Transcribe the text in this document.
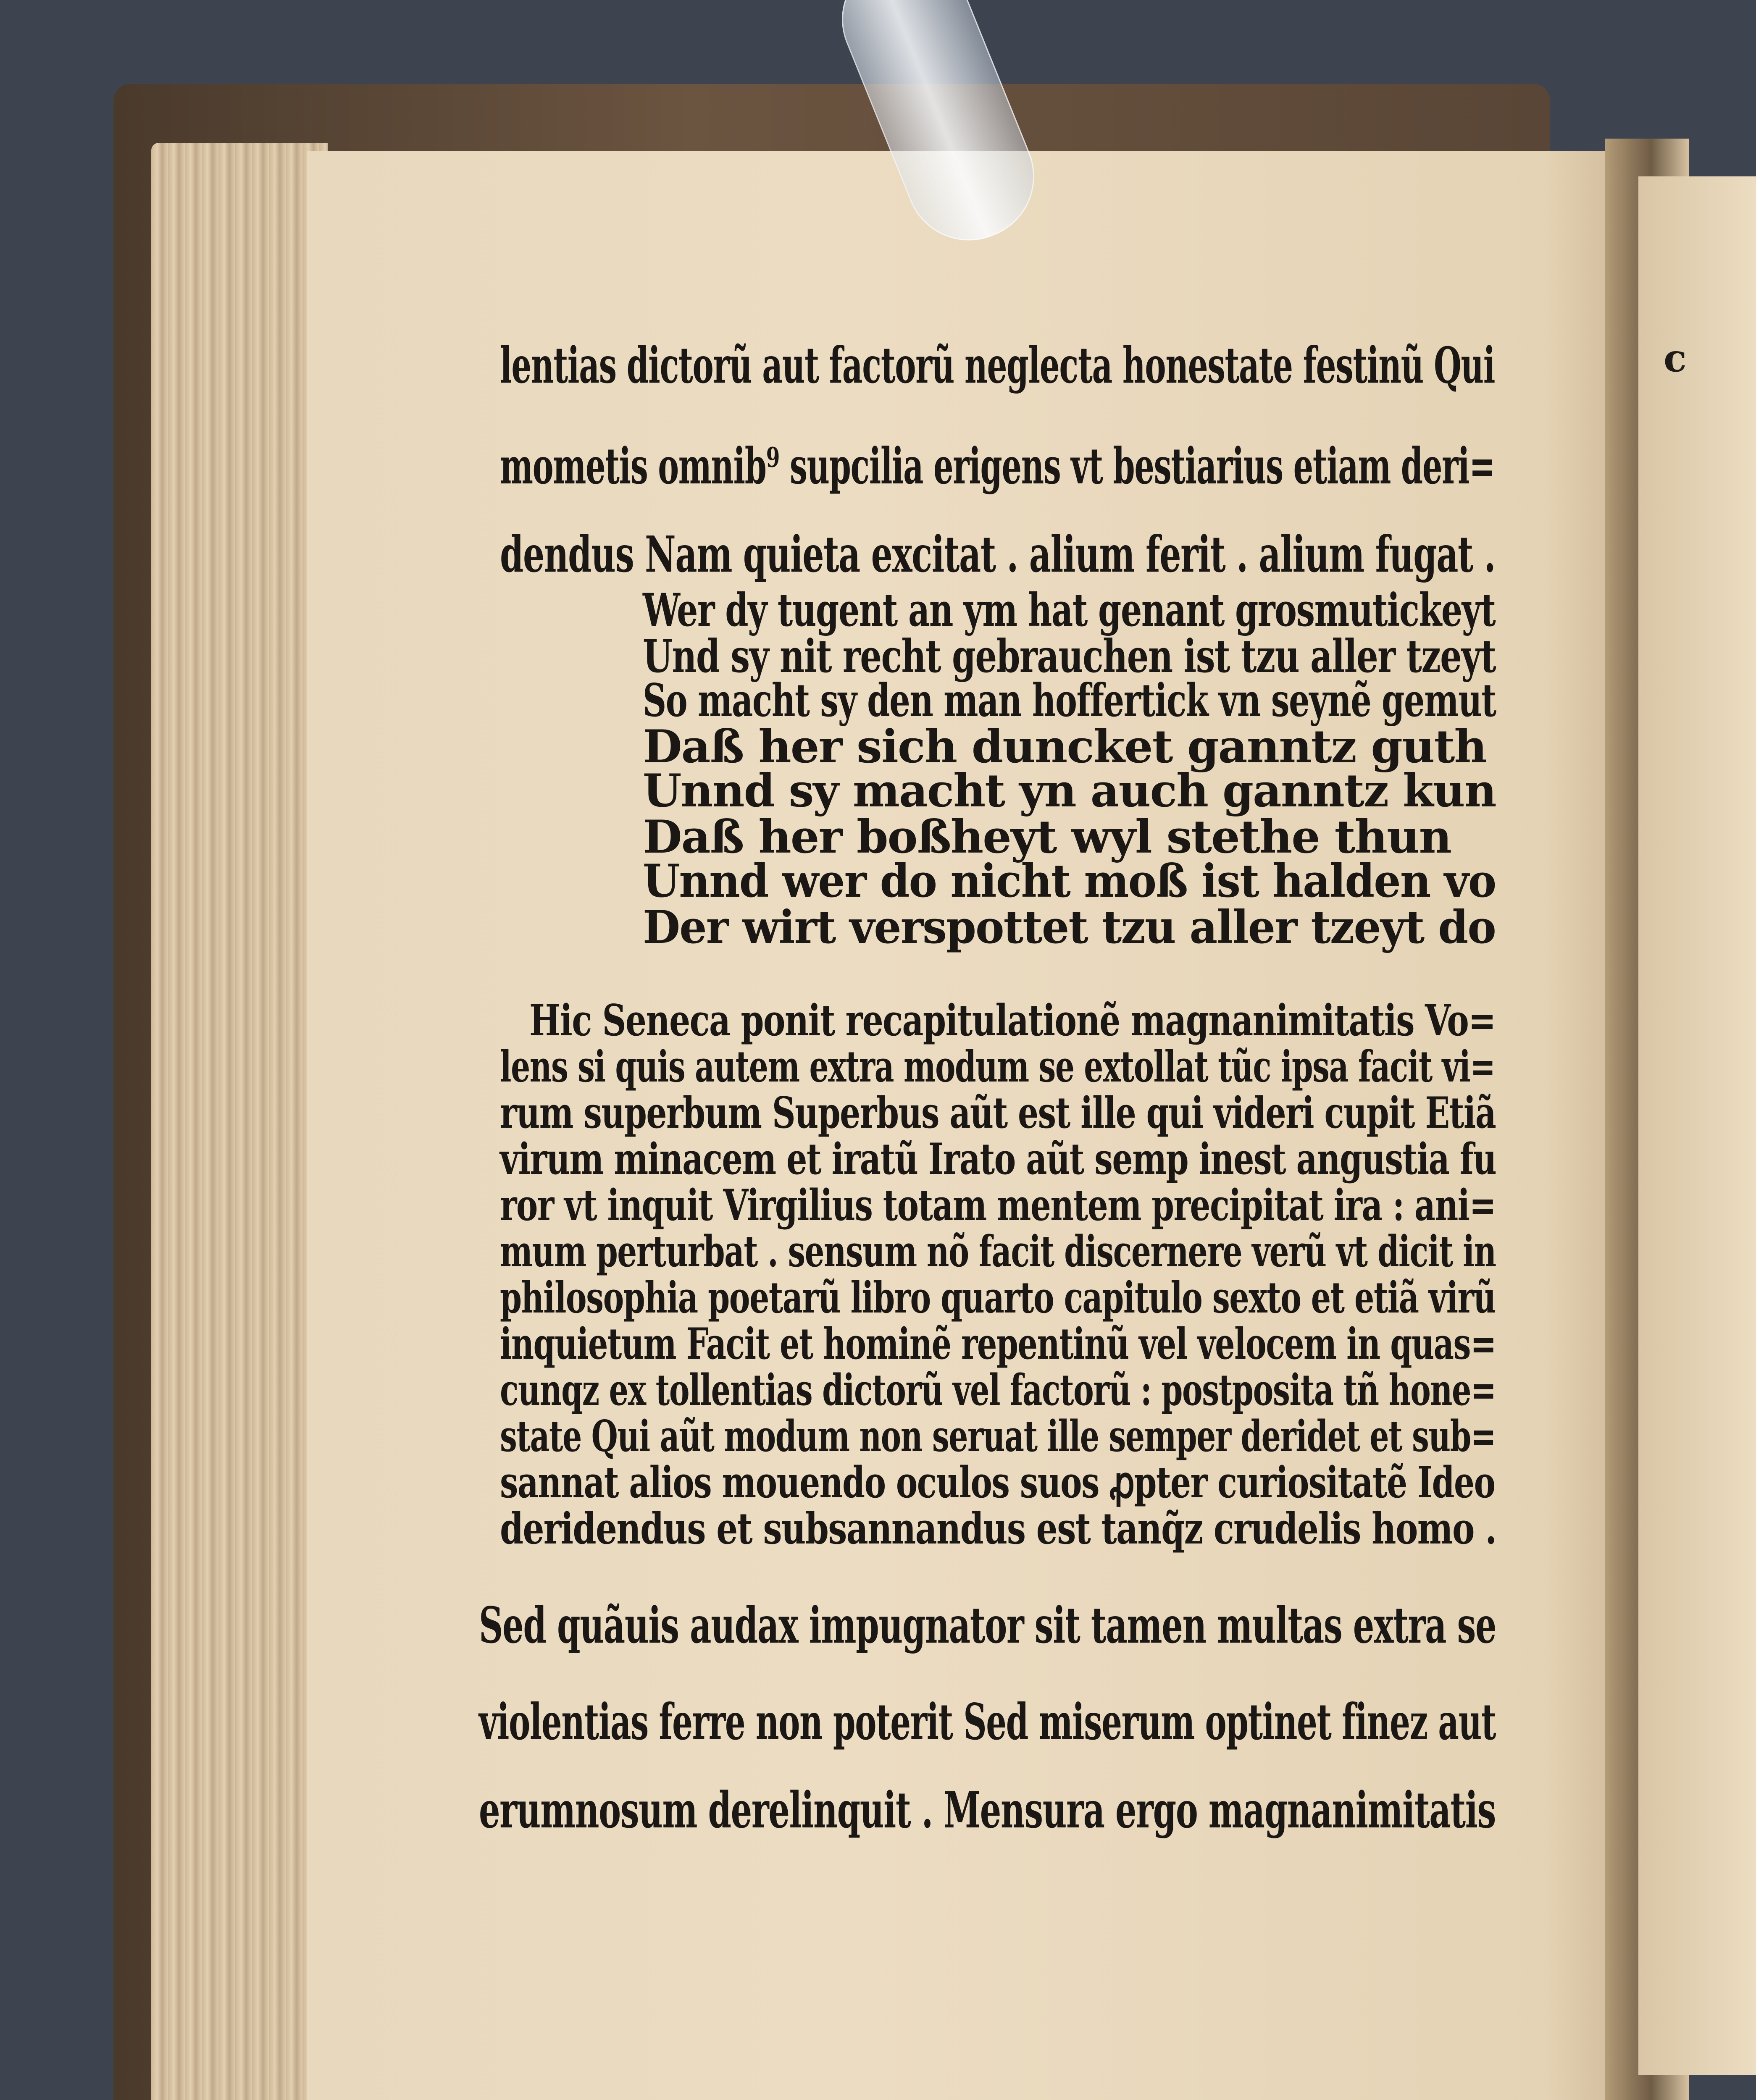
c
lentias dictorũ aut factorũ neglecta honestate festinũ Qui
mometis omnib⁹ supcilia erigens vt bestiarius etiam deri=
dendus Nam quieta excitat . alium ferit . alium fugat .
Wer dy tugent an ym hat genant grosmutickeyt
Und sy nit recht gebrauchen ist tzu aller tzeyt
So macht sy den man hoffertick vn seynẽ gemut
Daß her sich duncket ganntz guth
Unnd sy macht yn auch ganntz kun
Daß her boßheyt wyl stethe thun
Unnd wer do nicht moß ist halden vo
Der wirt verspottet tzu aller tzeyt do
Hic Seneca ponit recapitulationẽ magnanimitatis Vo=
lens si quis autem extra modum se extollat tũc ipsa facit vi=
rum superbum Superbus aũt est ille qui videri cupit Etiã
virum minacem et iratũ Irato aũt semp inest angustia fu
ror vt inquit Virgilius totam mentem precipitat ira : ani=
mum perturbat . sensum nõ facit discernere verũ vt dicit in
philosophia poetarũ libro quarto capitulo sexto et etiã virũ
inquietum Facit et hominẽ repentinũ vel velocem in quas=
cunqz ex tollentias dictorũ vel factorũ : postposita tñ hone=
state Qui aũt modum non seruat ille semper deridet et sub=
sannat alios mouendo oculos suos ꝓpter curiositatẽ Ideo
deridendus et subsannandus est tanq̃z crudelis homo .
Sed quãuis audax impugnator sit tamen multas extra se
violentias ferre non poterit Sed miserum optinet finez aut
erumnosum derelinquit . Mensura ergo magnanimitatis
